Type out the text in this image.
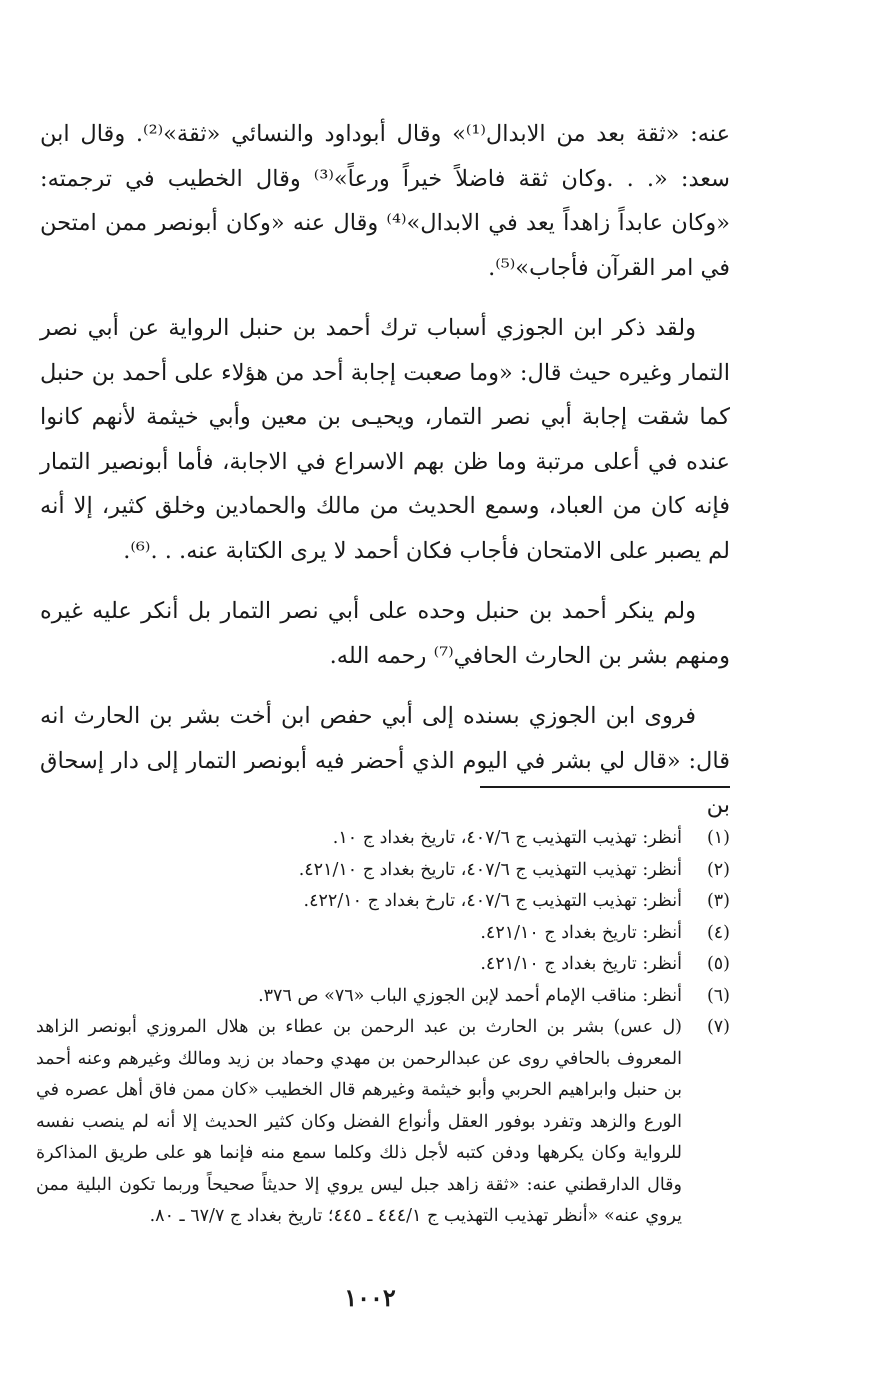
عنه: «ثقة بعد من الابدال⁽¹⁾» وقال أبوداود والنسائي «ثقة»⁽²⁾. وقال ابن سعد: «. . .وكان ثقة فاضلاً خيراً ورعاً»⁽³⁾ وقال الخطيب في ترجمته: «وكان عابداً زاهداً يعد في الابدال»⁽⁴⁾ وقال عنه «وكان أبونصر ممن امتحن في امر القرآن فأجاب»⁽⁵⁾.

ولقد ذكر ابن الجوزي أسباب ترك أحمد بن حنبل الرواية عن أبي نصر التمار وغيره حيث قال: «وما صعبت إجابة أحد من هؤلاء على أحمد بن حنبل كما شقت إجابة أبي نصر التمار، ويحيـى بن معين وأبي خيثمة لأنهم كانوا عنده في أعلى مرتبة وما ظن بهم الاسراع في الاجابة، فأما أبونصير التمار فإنه كان من العباد، وسمع الحديث من مالك والحمادين وخلق كثير، إلا أنه لم يصبر على الامتحان فأجاب فكان أحمد لا يرى الكتابة عنه. . .⁽⁶⁾.

ولم ينكر أحمد بن حنبل وحده على أبي نصر التمار بل أنكر عليه غيره ومنهم بشر بن الحارث الحافي⁽⁷⁾ رحمه الله.

فروى ابن الجوزي بسنده إلى أبي حفص ابن أخت بشر بن الحارث انه قال: «قال لي بشر في اليوم الذي أحضر فيه أبونصر التمار إلى دار إسحاق بن

(١)
أنظر: تهذيب التهذيب ج ٤٠٧/٦، تاريخ بغداد ج ١٠.
(٢)
أنظر: تهذيب التهذيب ج ٤٠٧/٦، تاريخ بغداد ج ٤٢١/١٠.
(٣)
أنظر: تهذيب التهذيب ج ٤٠٧/٦، تارخ بغداد ج ٤٢٢/١٠.
(٤)
أنظر: تاريخ بغداد ج ٤٢١/١٠.
(٥)
أنظر: تاريخ بغداد ج ٤٢١/١٠.
(٦)
أنظر: مناقب الإمام أحمد لإبن الجوزي الباب «٧٦» ص ٣٧٦.
(٧)
(ل عس) بشر بن الحارث بن عبد الرحمن بن عطاء بن هلال المروزي أبونصر الزاهد المعروف بالحافي روى عن عبدالرحمن بن مهدي وحماد بن زيد ومالك وغيرهم وعنه أحمد بن حنبل وابراهيم الحربي وأبو خيثمة وغيرهم قال الخطيب «كان ممن فاق أهل عصره في الورع والزهد وتفرد بوفور العقل وأنواع الفضل وكان كثير الحديث إلا أنه لم ينصب نفسه للرواية وكان يكرهها ودفن كتبه لأجل ذلك وكلما سمع منه فإنما هو على طريق المذاكرة وقال الدارقطني عنه: «ثقة زاهد جبل ليس يروي إلا حديثاً صحيحاً وربما تكون البلية ممن يروي عنه» «أنظر تهذيب التهذيب ج ٤٤٤/١ ـ ٤٤٥؛ تاريخ بغداد ج ٦٧/٧ ـ ٨٠.
١٠٠٢
